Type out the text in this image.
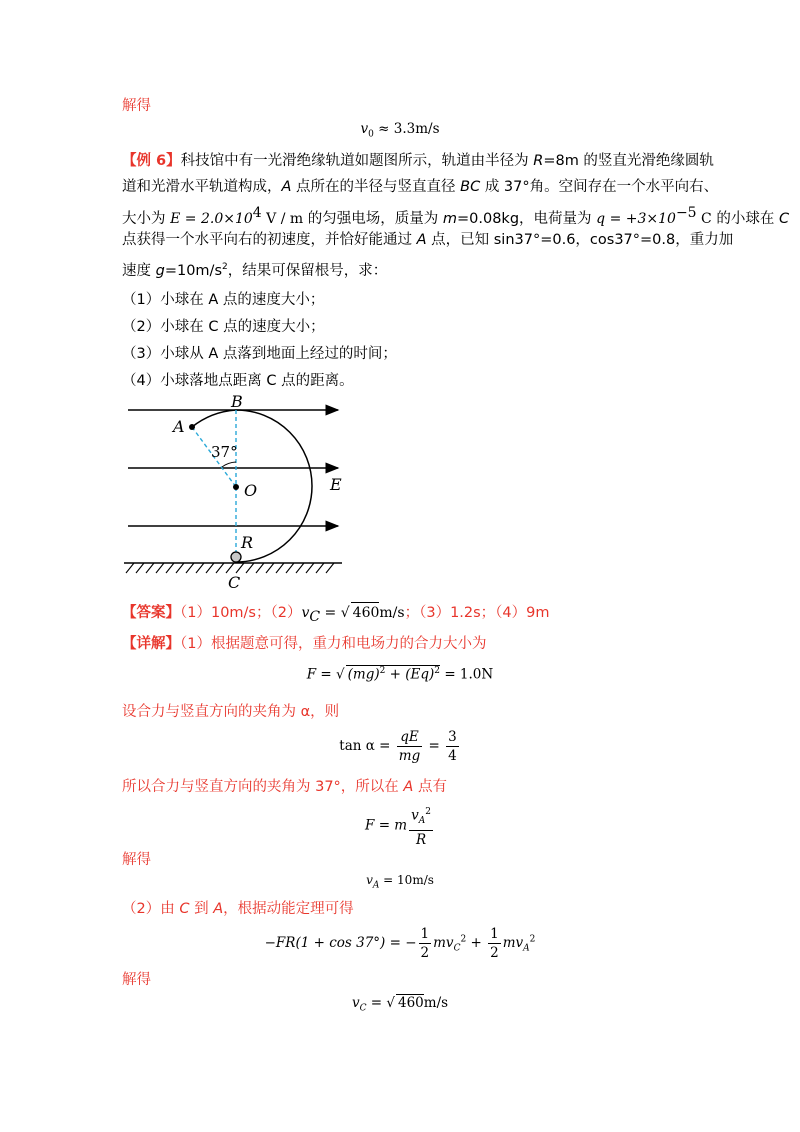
解得
$v_0 \approx 3.3m/s$
【例 6】科技馆中有一光滑绝缘轨道如题图所示，轨道由半径为 R=8m 的竖直光滑绝缘圆轨
道和光滑水平轨道构成，A 点所在的半径与竖直直径 BC 成 37°角。空间存在一个水平向右、
大小为 $E = 2.0\times 10^4$ V / m 的匀强电场，质量为 m=0.08kg，电荷量为 $q = +3\times 10^{-5}$ C 的小球在 C
点获得一个水平向右的初速度，并恰好能通过 A 点，已知 sin37°=0.6，cos37°=0.8，重力加
速度 $g=10m/s^2$，结果可保留根号，求：
（1）小球在 A 点的速度大小；
（2）小球在 C 点的速度大小；
（3）小球从 A 点落到地面上经过的时间；
（4）小球落地点距离 C 点的距离。
B
A
37°
O	E
R
C
【答案】（1）10m/s；$(2)v_C$ = √ 460m/s；（3）1.2s；（4）9m
【详解】（1）根据题意可得，重力和电场力的合力大小为
F = √ $(mg)^2 + (Eq)^2 = 1.0N$
设合力与竖直方向的夹角为 α，则
$\tan \alpha = \frac{qE}{mg} = \frac{3}{4}$
所以合力与竖直方向的夹角为 37°，所以在 A 点有
F = m $\frac{v_A^2}{R}$
解得
$v_A = 10m/s$
（2）由 C 到 A，根据动能定理可得
−FR(1 + cos 37°) = − $\frac{1}{2} mv_C^2 + \frac{1}{2} mv_A^2$
解得
$v_C$ = √ 460m/s
